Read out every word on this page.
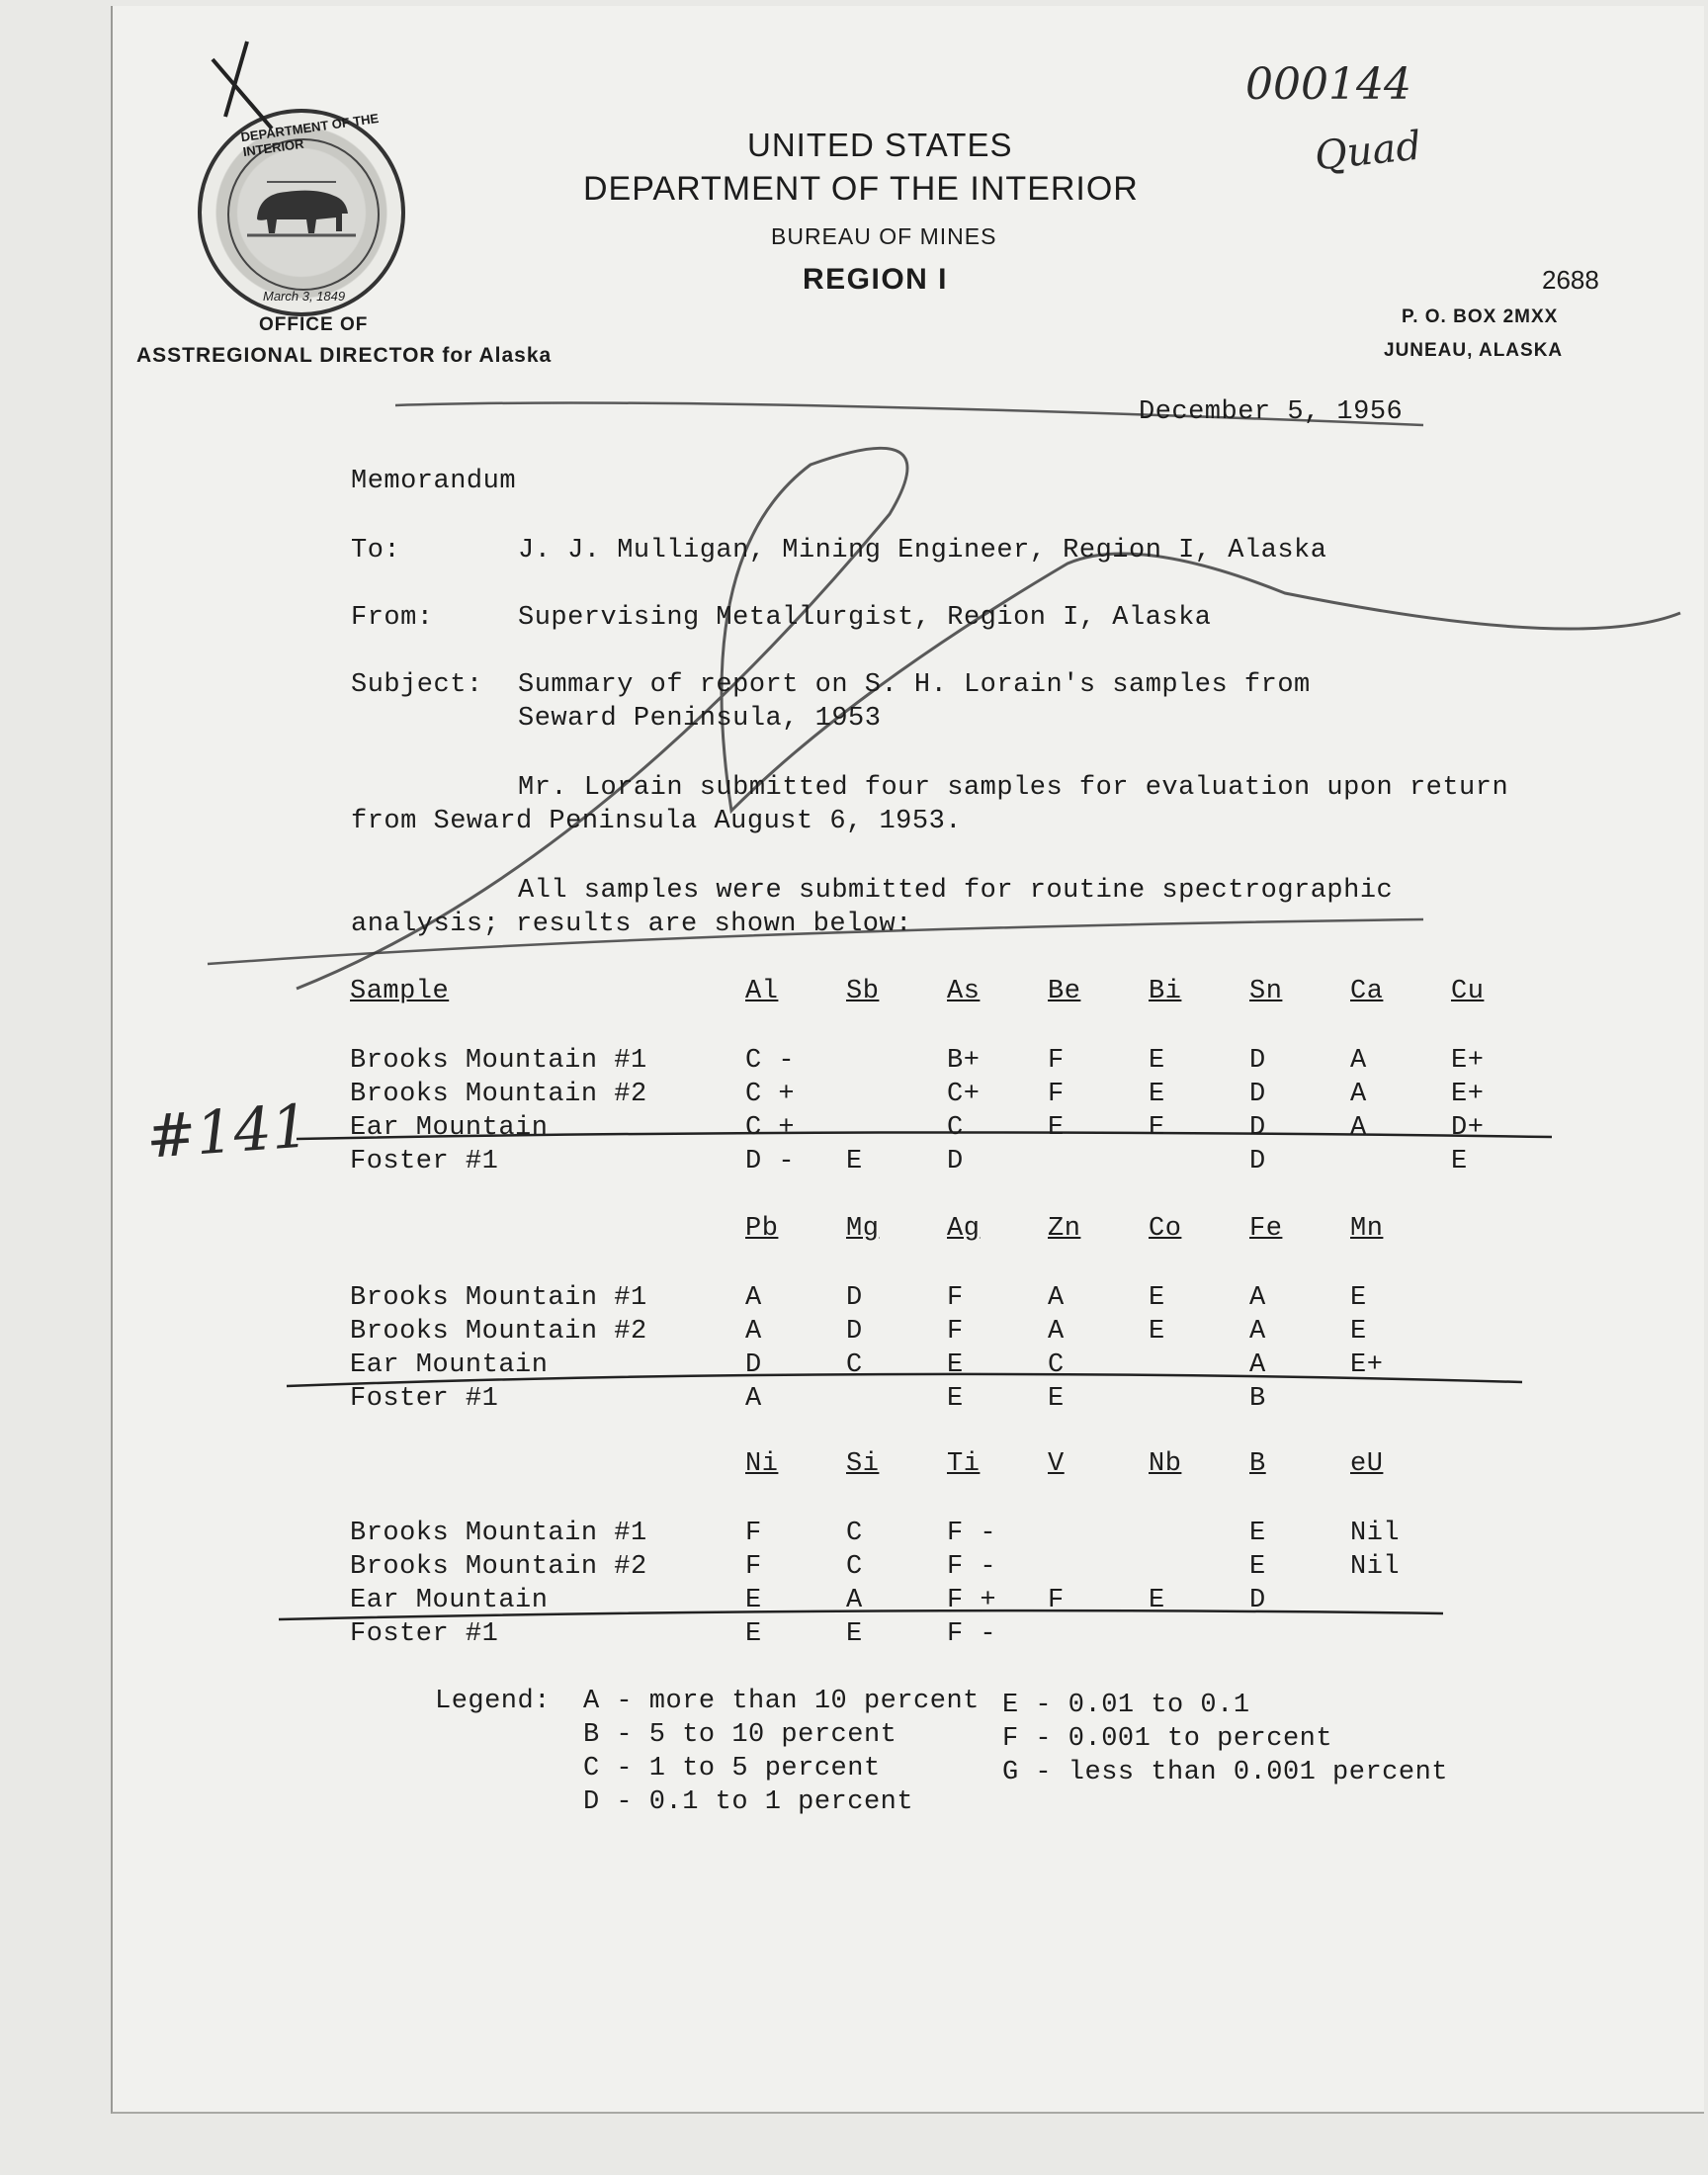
DEPARTMENT OF THE INTERIOR
March 3, 1849
000144
Quad
#141
UNITED STATES
DEPARTMENT OF THE INTERIOR
BUREAU OF MINES
REGION I
OFFICE OF
ASSTREGIONAL DIRECTOR for Alaska
2688
P. O. BOX 2MXX
JUNEAU, ALASKA
December 5, 1956
Memorandum
To:	J. J. Mulligan, Mining Engineer, Region I, Alaska
From:	Supervising Metallurgist, Region I, Alaska
Subject: Summary of report on S. H. Lorain's samples from
Seward Peninsula, 1953
Mr. Lorain submitted four samples for evaluation upon return
from Seward Peninsula August 6, 1953.
All samples were submitted for routine spectrographic
analysis; results are shown below:
Sample	Al	Sb	As	Be	Bi	Sn	Ca	Cu
Brooks Mountain #1	C -		B+	F	E	D	A	E+
Brooks Mountain #2	C +		C+	F	E	D	A	E+
Ear Mountain	C +		C	E	E	D	A	D+
Foster #1	D -	E	D			D		E
	Pb	Mg	Ag	Zn	Co	Fe	Mn	
Brooks Mountain #1	A	D	F	A	E	A	E	
Brooks Mountain #2	A	D	F	A	E	A	E	
Ear Mountain	D	C	E	C		A	E+	
Foster #1	A		E	E		B		
	Ni	Si	Ti	V	Nb	B	eU	
Brooks Mountain #1	F	C	F -			E	Nil	
Brooks Mountain #2	F	C	F -			E	Nil	
Ear Mountain	E	A	F +	F	E	D		
Foster #1	E	E	F -					
Legend: A - more than 10 percent
B - 5 to 10 percent
C - 1 to 5 percent
D - 0.1 to 1 percent
E - 0.01 to 0.1
F - 0.001 to percent
G - less than 0.001 percent
